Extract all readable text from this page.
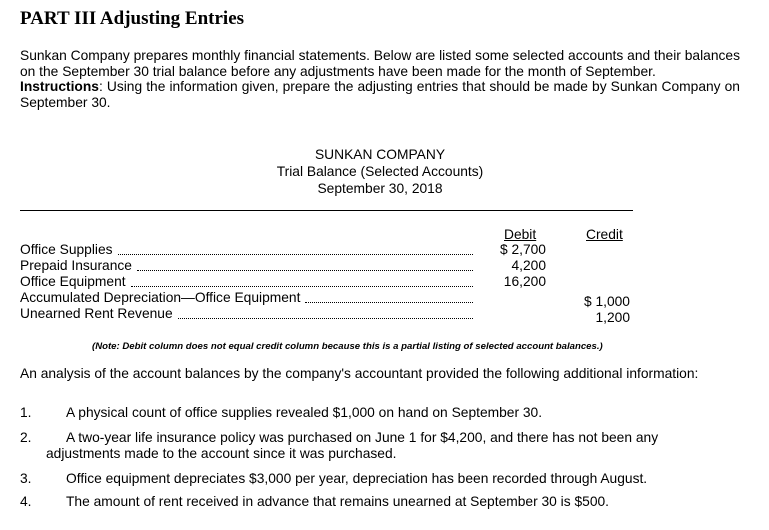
PART III Adjusting Entries

Sunkan Company prepares monthly financial statements. Below are listed some selected accounts and their balances on the September 30 trial balance before any adjustments have been made for the month of September.

Instructions: Using the information given, prepare the adjusting entries that should be made by Sunkan Company on September 30.

SUNKAN COMPANY
Trial Balance (Selected Accounts)
September 30, 2018
Debit	Credit
Office Supplies
Prepaid Insurance
Office Equipment
Accumulated Depreciation—Office Equipment
Unearned Rent Revenue
$ 2,700
4,200
16,200
$ 1,000
1,200
(Note: Debit column does not equal credit column because this is a partial listing of selected account balances.)
An analysis of the account balances by the company's accountant provided the following additional information:
1. A physical count of office supplies revealed $1,000 on hand on September 30.
2. A two-year life insurance policy was purchased on June 1 for $4,200, and there has not been any
adjustments made to the account since it was purchased.
3. Office equipment depreciates $3,000 per year, depreciation has been recorded through August.
4. The amount of rent received in advance that remains unearned at September 30 is $500.
